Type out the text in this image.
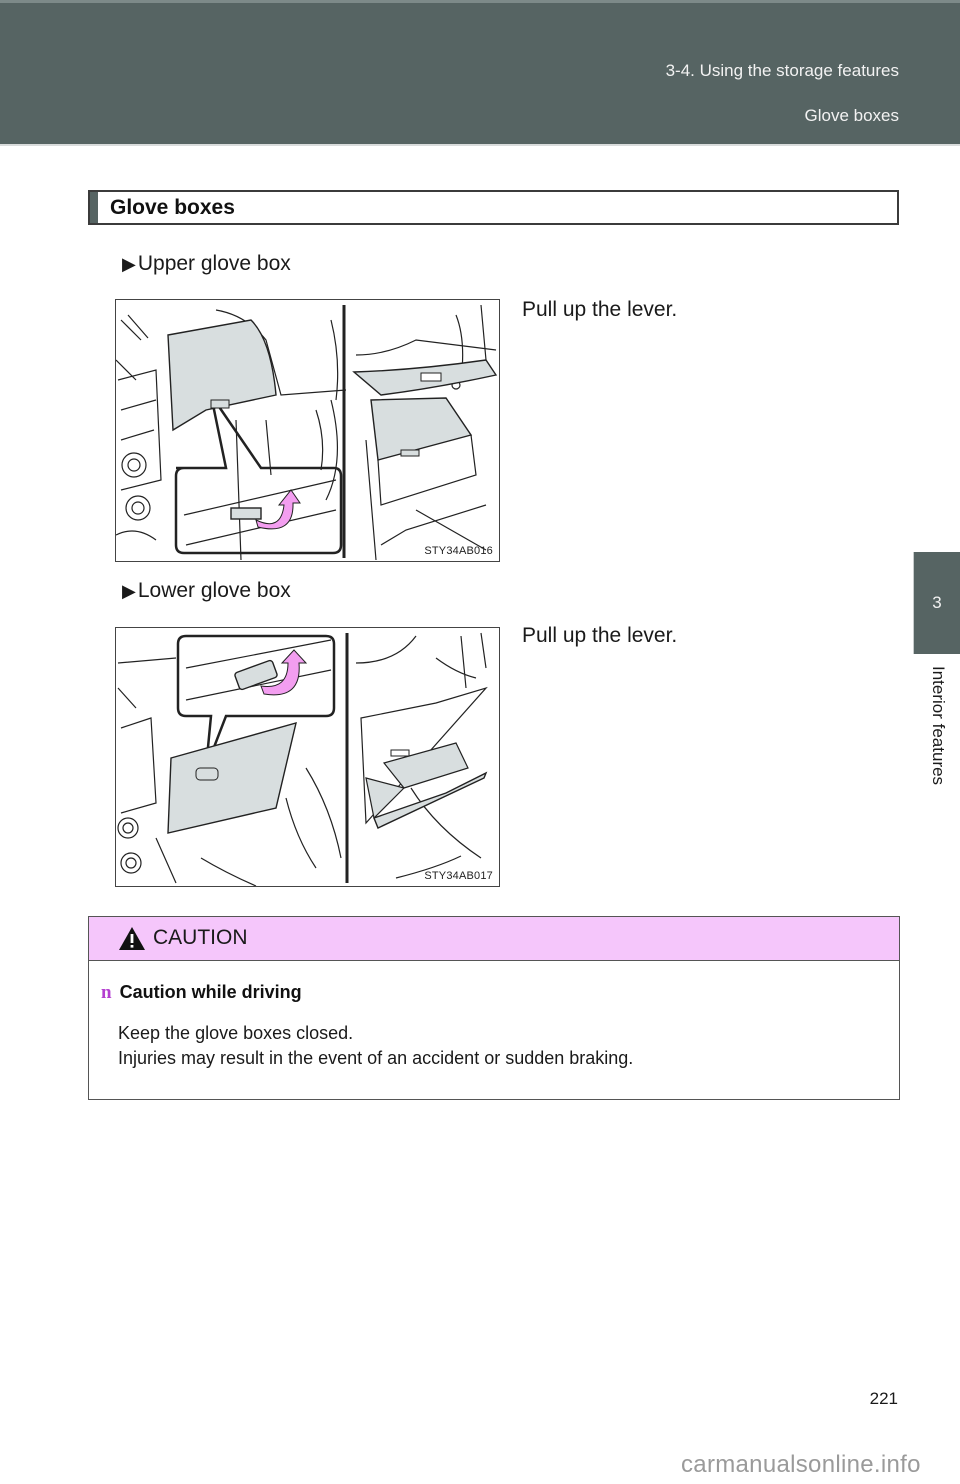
3-4. Using the storage features
Glove boxes
3
Interior features
Glove boxes
▶Upper glove box
Pull up the lever.
STY34AB016
▶Lower glove box
Pull up the lever.
STY34AB017
CAUTION
n Caution while driving
Keep the glove boxes closed.
Injuries may result in the event of an accident or sudden braking.
221
carmanualsonline.info
